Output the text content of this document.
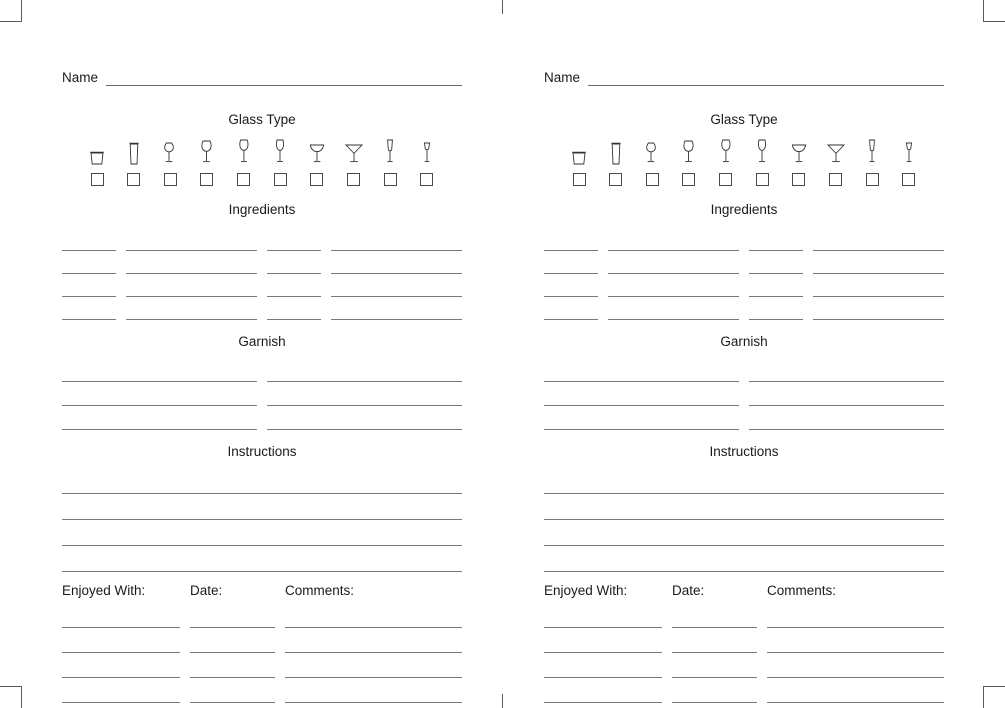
Name
Glass Type
Ingredients
Garnish
Instructions
Enjoyed With:	Date:	Comments:
Name
Glass Type
Ingredients
Garnish
Instructions
Enjoyed With:	Date:	Comments:
